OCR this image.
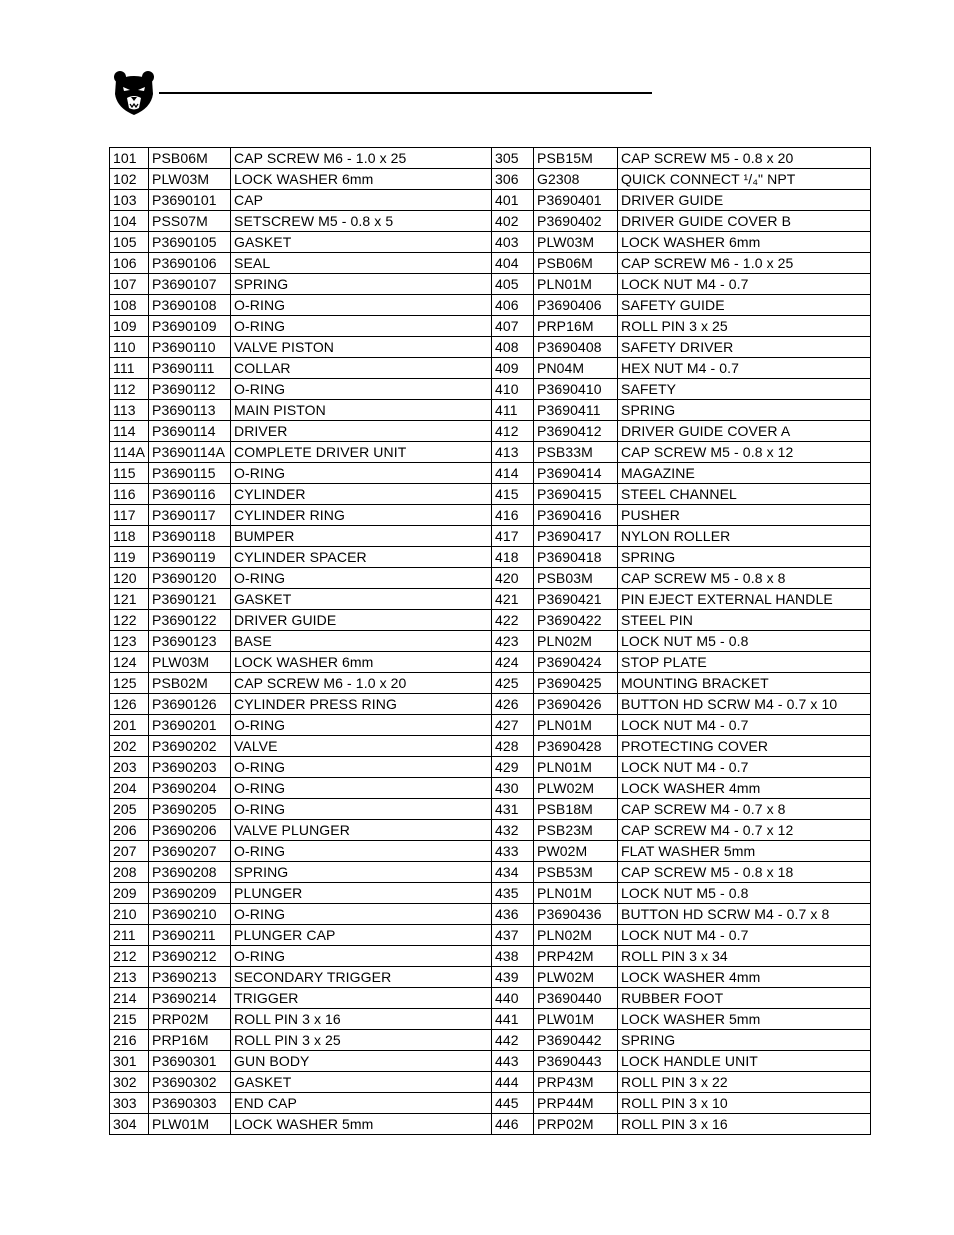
101	PSB06M	CAP SCREW M6 - 1.0 x 25	305	PSB15M	CAP SCREW M5 - 0.8 x 20
102	PLW03M	LOCK WASHER 6mm	306	G2308	QUICK CONNECT ¹/₄" NPT
103	P3690101	CAP	401	P3690401	DRIVER GUIDE
104	PSS07M	SETSCREW M5 - 0.8 x 5	402	P3690402	DRIVER GUIDE COVER B
105	P3690105	GASKET	403	PLW03M	LOCK WASHER 6mm
106	P3690106	SEAL	404	PSB06M	CAP SCREW M6 - 1.0 x 25
107	P3690107	SPRING	405	PLN01M	LOCK NUT M4 - 0.7
108	P3690108	O-RING	406	P3690406	SAFETY GUIDE
109	P3690109	O-RING	407	PRP16M	ROLL PIN 3 x 25
110	P3690110	VALVE PISTON	408	P3690408	SAFETY DRIVER
111	P3690111	COLLAR	409	PN04M	HEX NUT M4 - 0.7
112	P3690112	O-RING	410	P3690410	SAFETY
113	P3690113	MAIN PISTON	411	P3690411	SPRING
114	P3690114	DRIVER	412	P3690412	DRIVER GUIDE COVER A
114A	P3690114A	COMPLETE DRIVER UNIT	413	PSB33M	CAP SCREW M5 - 0.8 x 12
115	P3690115	O-RING	414	P3690414	MAGAZINE
116	P3690116	CYLINDER	415	P3690415	STEEL CHANNEL
117	P3690117	CYLINDER RING	416	P3690416	PUSHER
118	P3690118	BUMPER	417	P3690417	NYLON ROLLER
119	P3690119	CYLINDER SPACER	418	P3690418	SPRING
120	P3690120	O-RING	420	PSB03M	CAP SCREW M5 - 0.8 x 8
121	P3690121	GASKET	421	P3690421	PIN EJECT EXTERNAL HANDLE
122	P3690122	DRIVER GUIDE	422	P3690422	STEEL PIN
123	P3690123	BASE	423	PLN02M	LOCK NUT M5 - 0.8
124	PLW03M	LOCK WASHER 6mm	424	P3690424	STOP PLATE
125	PSB02M	CAP SCREW M6 - 1.0 x 20	425	P3690425	MOUNTING BRACKET
126	P3690126	CYLINDER PRESS RING	426	P3690426	BUTTON HD SCRW M4 - 0.7 x 10
201	P3690201	O-RING	427	PLN01M	LOCK NUT M4 - 0.7
202	P3690202	VALVE	428	P3690428	PROTECTING COVER
203	P3690203	O-RING	429	PLN01M	LOCK NUT M4 - 0.7
204	P3690204	O-RING	430	PLW02M	LOCK WASHER 4mm
205	P3690205	O-RING	431	PSB18M	CAP SCREW M4 - 0.7 x 8
206	P3690206	VALVE PLUNGER	432	PSB23M	CAP SCREW M4 - 0.7 x 12
207	P3690207	O-RING	433	PW02M	FLAT WASHER 5mm
208	P3690208	SPRING	434	PSB53M	CAP SCREW M5 - 0.8 x 18
209	P3690209	PLUNGER	435	PLN01M	LOCK NUT M5 - 0.8
210	P3690210	O-RING	436	P3690436	BUTTON HD SCRW M4 - 0.7 x 8
211	P3690211	PLUNGER CAP	437	PLN02M	LOCK NUT M4 - 0.7
212	P3690212	O-RING	438	PRP42M	ROLL PIN 3 x 34
213	P3690213	SECONDARY TRIGGER	439	PLW02M	LOCK WASHER 4mm
214	P3690214	TRIGGER	440	P3690440	RUBBER FOOT
215	PRP02M	ROLL PIN 3 x 16	441	PLW01M	LOCK WASHER 5mm
216	PRP16M	ROLL PIN 3 x 25	442	P3690442	SPRING
301	P3690301	GUN BODY	443	P3690443	LOCK HANDLE UNIT
302	P3690302	GASKET	444	PRP43M	ROLL PIN 3 x 22
303	P3690303	END CAP	445	PRP44M	ROLL PIN 3 x 10
304	PLW01M	LOCK WASHER 5mm	446	PRP02M	ROLL PIN 3 x 16
